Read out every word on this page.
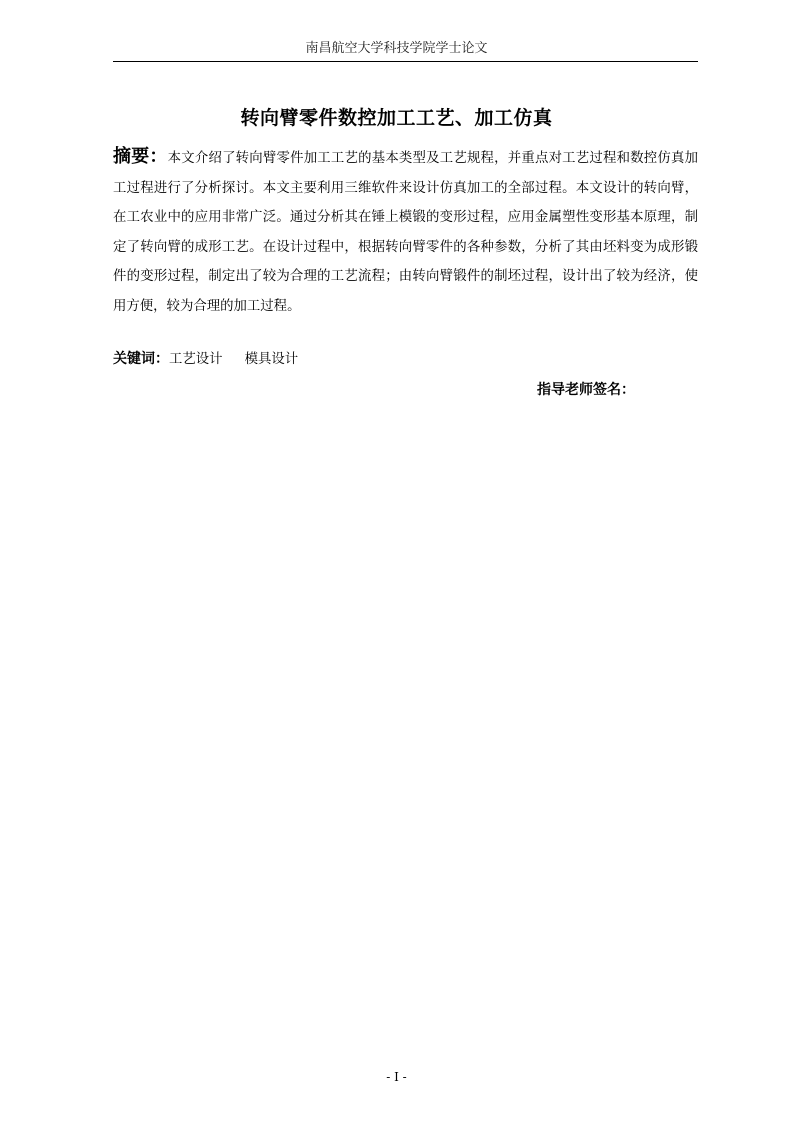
南昌航空大学科技学院学士论文
转向臂零件数控加工工艺、加工仿真
摘要：本文介绍了转向臂零件加工工艺的基本类型及工艺规程，并重点对工艺过程和数控仿真加工过程进行了分析探讨。本文主要利用三维软件来设计仿真加工的全部过程。本文设计的转向臂，在工农业中的应用非常广泛。通过分析其在锤上模锻的变形过程，应用金属塑性变形基本原理，制定了转向臂的成形工艺。在设计过程中，根据转向臂零件的各种参数，分析了其由坯料变为成形锻件的变形过程，制定出了较为合理的工艺流程；由转向臂锻件的制坯过程，设计出了较为经济，使用方便，较为合理的加工过程。
关键词：工艺设计 模具设计
指导老师签名：
- I -
